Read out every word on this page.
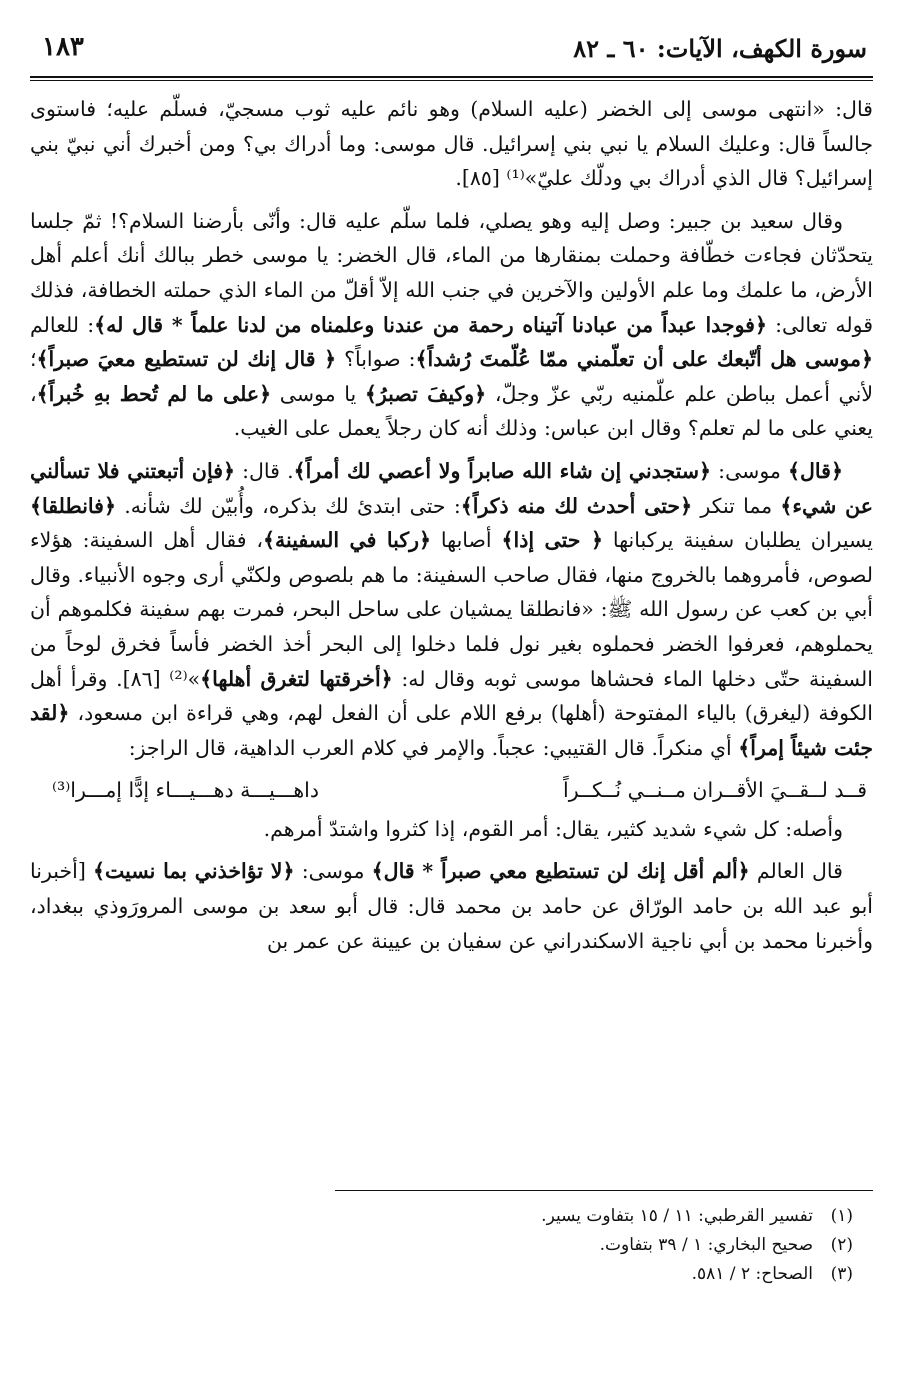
سورة الكهف، الآيات: ٦٠ ـ ٨٢
١٨٣

قال: «انتهى موسى إلى الخضر (عليه السلام) وهو نائم عليه ثوب مسجيّ، فسلّم عليه؛ فاستوى جالساً قال: وعليك السلام يا نبي بني إسرائيل. قال موسى: وما أدراك بي؟ ومن أخبرك أني نبيّ بني إسرائيل؟ قال الذي أدراك بي ودلّك عليّ»⁽¹⁾ [٨٥].

وقال سعيد بن جبير: وصل إليه وهو يصلي، فلما سلّم عليه قال: وأنّى بأرضنا السلام؟! ثمّ جلسا يتحدّثان فجاءت خطّافة وحملت بمنقارها من الماء، قال الخضر: يا موسى خطر ببالك أنك أعلم أهل الأرض، ما علمك وما علم الأولين والآخرين في جنب الله إلاّ أقلّ من الماء الذي حملته الخطافة، فذلك قوله تعالى: ﴿فوجدا عبداً من عبادنا آتيناه رحمة من عندنا وعلمناه من لدنا علماً * قال له﴾: للعالم ﴿موسى هل أتّبعك على أن تعلّمني ممّا عُلّمتَ رُشداً﴾: صواباً؟ ﴿ قال إنك لن تستطيع معيَ صبراً﴾؛ لأني أعمل بباطن علم علّمنيه ربّي عزّ وجلّ، ﴿وكيفَ تصبرُ﴾ يا موسى ﴿على ما لم تُحط بهِ خُبراً﴾، يعني على ما لم تعلم؟ وقال ابن عباس: وذلك أنه كان رجلاً يعمل على الغيب.

﴿قال﴾ موسى: ﴿ستجدني إن شاء الله صابراً ولا أعصي لك أمراً﴾. قال: ﴿فإن أتبعتني فلا تسألني عن شيء﴾ مما تنكر ﴿حتى أحدث لك منه ذكراً﴾: حتى ابتدئ لك بذكره، وأُبيّن لك شأنه. ﴿فانطلقا﴾ يسيران يطلبان سفينة يركبانها ﴿ حتى إذا﴾ أصابها ﴿ركبا في السفينة﴾، فقال أهل السفينة: هؤلاء لصوص، فأمروهما بالخروج منها، فقال صاحب السفينة: ما هم بلصوص ولكنّي أرى وجوه الأنبياء. وقال أبي بن كعب عن رسول الله ﷺ: «فانطلقا يمشيان على ساحل البحر، فمرت بهم سفينة فكلموهم أن يحملوهم، فعرفوا الخضر فحملوه بغير نول فلما دخلوا إلى البحر أخذ الخضر فأساً فخرق لوحاً من السفينة حتّى دخلها الماء فحشاها موسى ثوبه وقال له: ﴿أخرقتها لتغرق أهلها﴾»⁽²⁾ [٨٦]. وقرأ أهل الكوفة (ليغرق) بالياء المفتوحة (أهلها) برفع اللام على أن الفعل لهم، وهي قراءة ابن مسعود، ﴿لقد جئت شيئاً إمراً﴾ أي منكراً. قال القتيبي: عجباً. والإمر في كلام العرب الداهية، قال الراجز:

قــد لــقــيَ الأقــران مــنــي نُــكــراً
داهـــيـــة دهـــيـــاء إدًّا إمـــرا⁽³⁾

وأصله: كل شيء شديد كثير، يقال: أمر القوم، إذا كثروا واشتدّ أمرهم.

قال العالم ﴿ألم أقل إنك لن تستطيع معي صبراً * قال﴾ موسى: ﴿لا تؤاخذني بما نسيت﴾ [أخبرنا أبو عبد الله بن حامد الورّاق عن حامد بن محمد قال: قال أبو سعد بن موسى المرورَوذي ببغداد، وأخبرنا محمد بن أبي ناجية الاسكندراني عن سفيان بن عيينة عن عمر بن

(١)تفسير القرطبي: ١١ / ١٥ بتفاوت يسير.
(٢)صحيح البخاري: ١ / ٣٩ بتفاوت.
(٣)الصحاح: ٢ / ٥٨١.
